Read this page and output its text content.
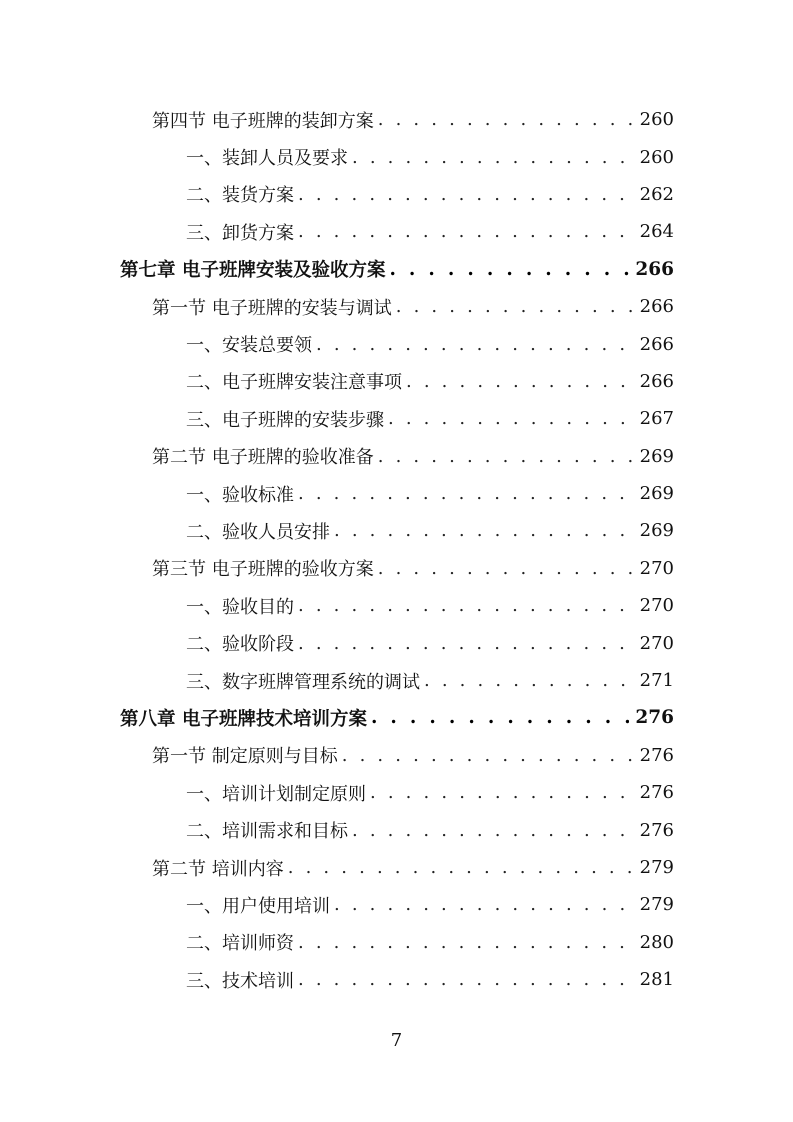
第四节 电子班牌的装卸方案 . . .	260
一、装卸人员及要求 . . .	260
二、装货方案 . . .	262
三、卸货方案 . . .	264
第七章 电子班牌安装及验收方案 . . .	266
第一节 电子班牌的安装与调试 . . .	266
一、安装总要领 . . .	266
二、电子班牌安装注意事项 . . .	266
三、电子班牌的安装步骤 . . .	267
第二节 电子班牌的验收准备 . . .	269
一、验收标准 . . .	269
二、验收人员安排 . . .	269
第三节 电子班牌的验收方案 . . .	270
一、验收目的 . . .	270
二、验收阶段 . . .	270
三、数字班牌管理系统的调试 . . .	271
第八章 电子班牌技术培训方案 . . .	276
第一节 制定原则与目标 . . .	276
一、培训计划制定原则 . . .	276
二、培训需求和目标 . . .	276
第二节 培训内容 . . .	279
一、用户使用培训 . . .	279
二、培训师资 . . .	280
三、技术培训 . . .	281
7
